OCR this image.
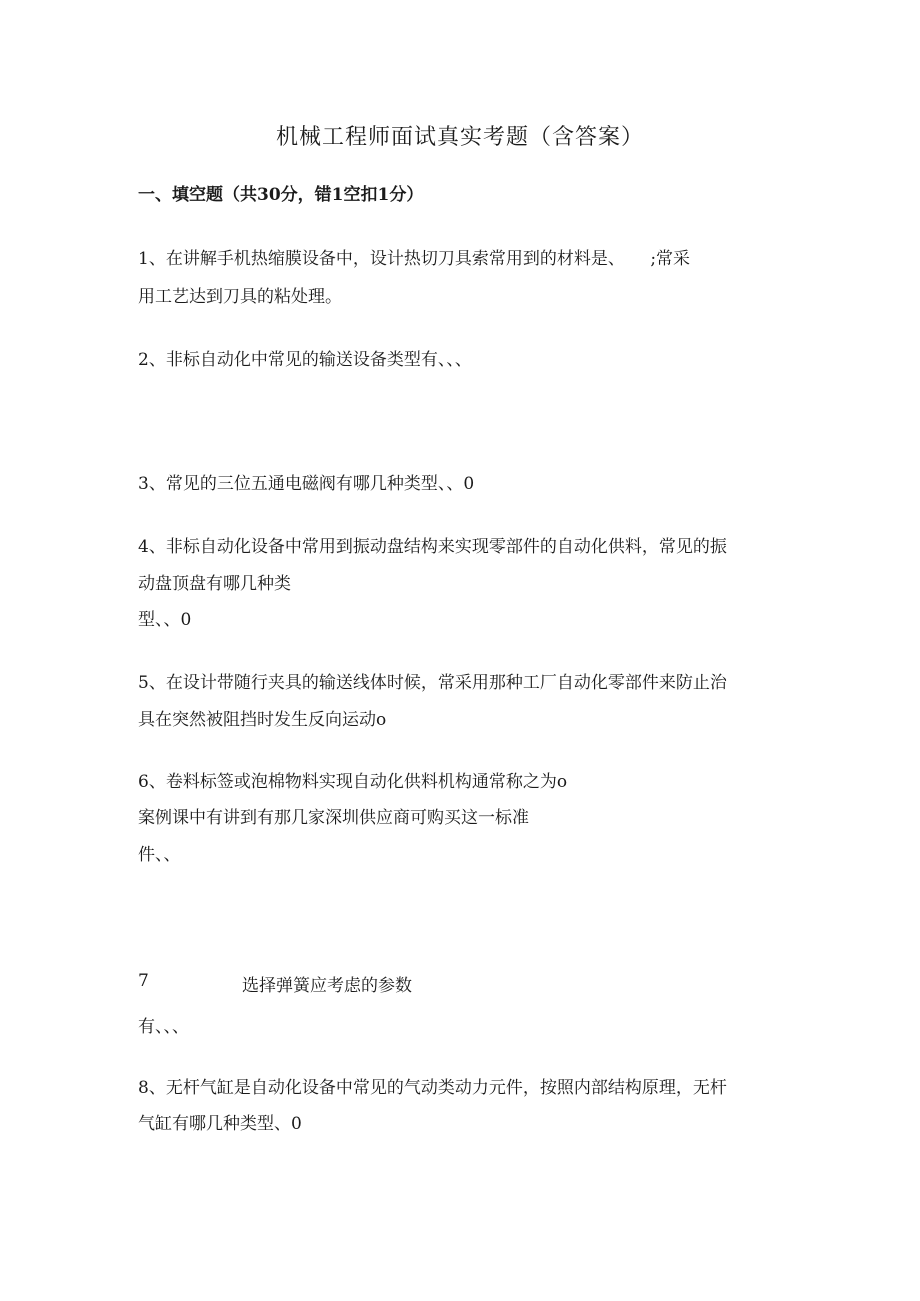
机械工程师面试真实考题（含答案）
一、填空题（共30分，错1空扣1分）
1、在讲解手机热缩膜设备中，设计热切刀具索常用到的材料是、　　;常采
用工艺达到刀具的粘处理。
2、非标自动化中常见的输送设备类型有、、、
3、常见的三位五通电磁阀有哪几种类型、、0
4、非标自动化设备中常用到振动盘结构来实现零部件的自动化供料，常见的振
动盘顶盘有哪几种类
型、、0
5、在设计带随行夹具的输送线体时候，常采用那种工厂自动化零部件来防止治
具在突然被阻挡时发生反向运动o
6、卷料标签或泡棉物料实现自动化供料机构通常称之为o
案例课中有讲到有那几家深圳供应商可购买这一标准
件、、
7	选择弹簧应考虑的参数
有、、、
8、无杆气缸是自动化设备中常见的气动类动力元件，按照内部结构原理，无杆
气缸有哪几种类型、0
